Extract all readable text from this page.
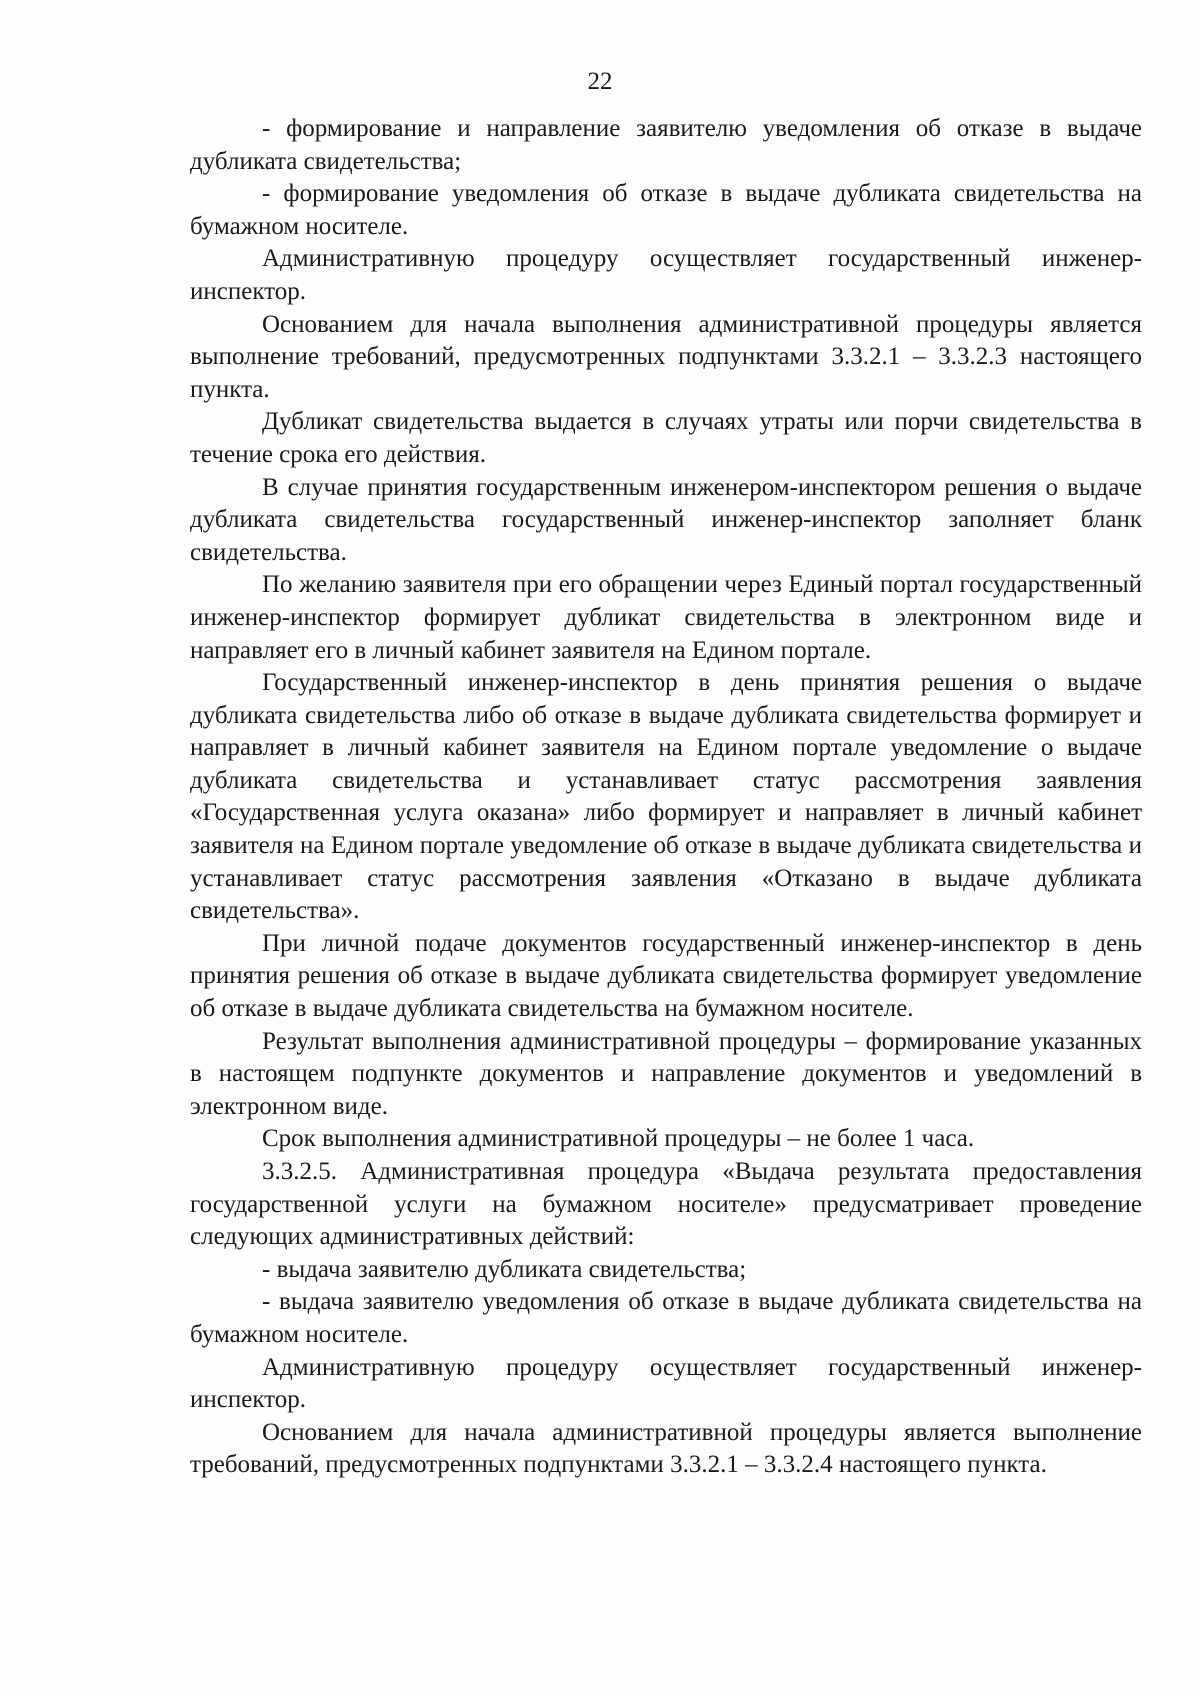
22

- формирование и направление заявителю уведомления об отказе в выдаче дубликата свидетельства;

- формирование уведомления об отказе в выдаче дубликата свидетельства на бумажном носителе.

Административную процедуру осуществляет государственный инженер-инспектор.

Основанием для начала выполнения административной процедуры является выполнение требований, предусмотренных подпунктами 3.3.2.1 – 3.3.2.3 настоящего пункта.

Дубликат свидетельства выдается в случаях утраты или порчи свидетельства в течение срока его действия.

В случае принятия государственным инженером-инспектором решения о выдаче дубликата свидетельства государственный инженер-инспектор заполняет бланк свидетельства.

По желанию заявителя при его обращении через Единый портал государственный инженер-инспектор формирует дубликат свидетельства в электронном виде и направляет его в личный кабинет заявителя на Едином портале.

Государственный инженер-инспектор в день принятия решения о выдаче дубликата свидетельства либо об отказе в выдаче дубликата свидетельства формирует и направляет в личный кабинет заявителя на Едином портале уведомление о выдаче дубликата свидетельства и устанавливает статус рассмотрения заявления «Государственная услуга оказана» либо формирует и направляет в личный кабинет заявителя на Едином портале уведомление об отказе в выдаче дубликата свидетельства и устанавливает статус рассмотрения заявления «Отказано в выдаче дубликата свидетельства».

При личной подаче документов государственный инженер-инспектор в день принятия решения об отказе в выдаче дубликата свидетельства формирует уведомление об отказе в выдаче дубликата свидетельства на бумажном носителе.

Результат выполнения административной процедуры – формирование указанных в настоящем подпункте документов и направление документов и уведомлений в электронном виде.

Срок выполнения административной процедуры – не более 1 часа.

3.3.2.5. Административная процедура «Выдача результата предоставления государственной услуги на бумажном носителе» предусматривает проведение следующих административных действий:

- выдача заявителю дубликата свидетельства;

- выдача заявителю уведомления об отказе в выдаче дубликата свидетельства на бумажном носителе.

Административную процедуру осуществляет государственный инженер-инспектор.

Основанием для начала административной процедуры является выполнение требований, предусмотренных подпунктами 3.3.2.1 – 3.3.2.4 настоящего пункта.
